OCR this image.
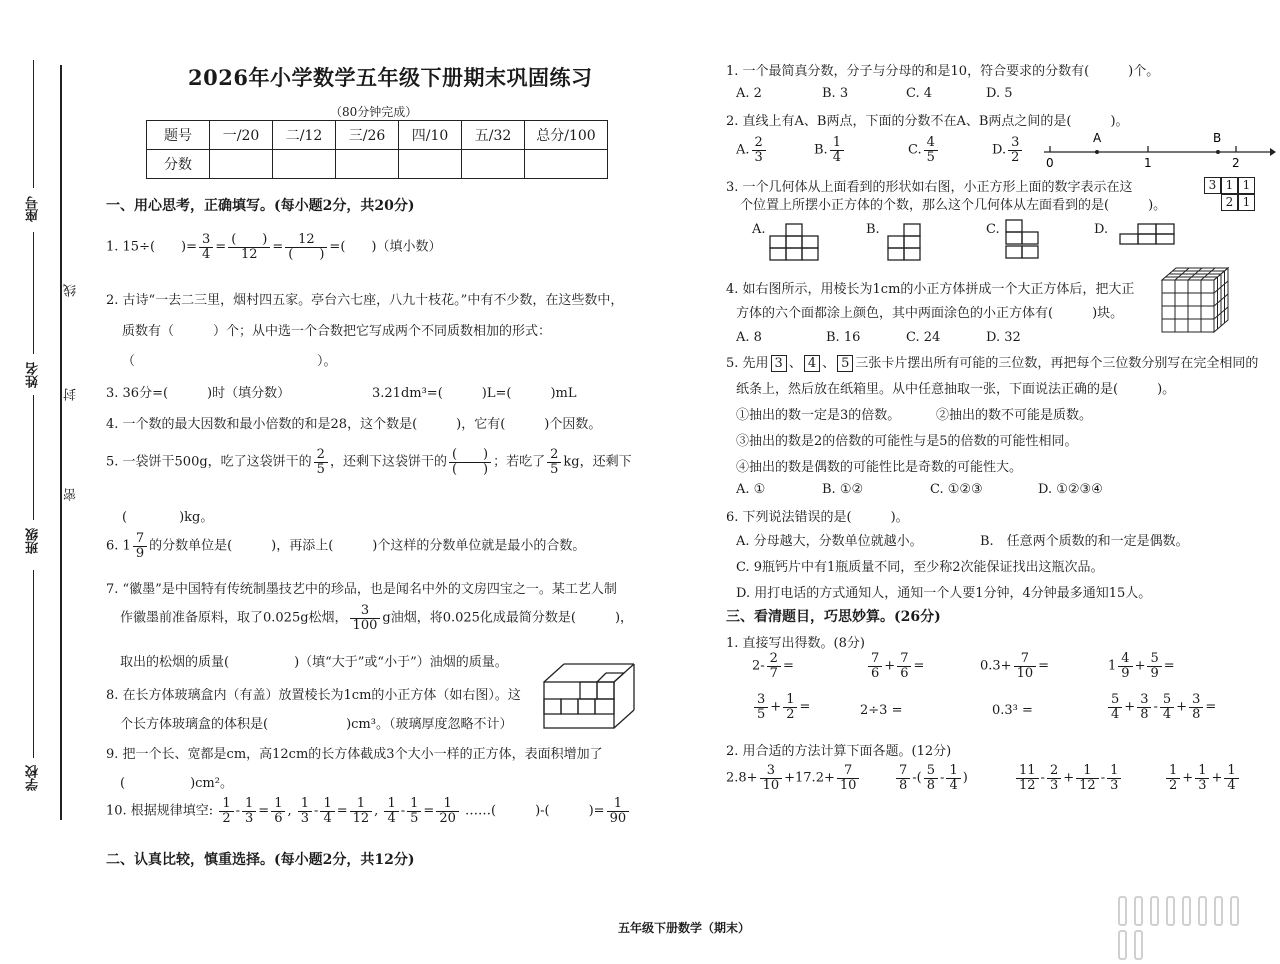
座号
姓名
班级
学校
线
封
密
2026年小学数学五年级下册期末巩固练习
（80分钟完成）
题号	一/20	二/12	三/26	四/10	五/32	总分/100
分数						
一、用心思考，正确填写。(每小题2分，共20分)
1. 15÷(　　)= $\frac{3}{4}$ =
(　　)
12	=
12
(　　) =(　　)（填小数）
2. 古诗“一去二三里，烟村四五家。亭台六七座，八九十枝花。”中有不少数，在这些数中，
质数有（　　　）个；从中选一个合数把它写成两个不同质数相加的形式：
（　　　　　　　　　　　　　　）。
3. 36分=(　　　)时（填分数）	3.21dm³=(　　　)L=(　　　)mL
4. 一个数的最大因数和最小倍数的和是28，这个数是(　　　)，它有(　　　)个因数。
5. 一袋饼干500g，吃了这袋饼干的 $\frac{2}{5}$ ，还剩下这袋饼干的
(　　)
(　　) ；若吃了 $\frac{2}{5}$ kg，还剩下
(　　　　)kg。
6. $1 \frac{7}{9}$ 的分数单位是(　　　)，再添上(　　　)个这样的分数单位就是最小的合数。
7. “徽墨”是中国特有传统制墨技艺中的珍品，也是闻名中外的文房四宝之一。某工艺人制
作徽墨前准备原料，取了0.025g松烟， $\frac{3}{100}$ g油烟，将0.025化成最简分数是(　　　)，
取出的松烟的质量(　　　　　)（填“大于”或“小于”）油烟的质量。
8. 在长方体玻璃盒内（有盖）放置棱长为1cm的小正方体（如右图）。这
个长方体玻璃盒的体积是(　　　　　　)cm³。（玻璃厚度忽略不计）
9. 把一个长、宽都是cm，高12cm的长方体截成3个大小一样的正方体，表面积增加了
(　　　　　)cm²。
10. 根据规律填空: $\frac{1}{2} - \frac{1}{3} = \frac{1}{6}$ , $\frac{1}{3} - \frac{1}{4} = \frac{1}{12}$ , $\frac{1}{4} - \frac{1}{5} = \frac{1}{20}$ ……(　　　)-(　　　)= $\frac{1}{90}$
二、认真比较，慎重选择。(每小题2分，共12分)
1. 一个最简真分数，分子与分母的和是10，符合要求的分数有(　　　)个。
A. 2	B. 3	C. 4	D. 5
2. 直线上有A、B两点，下面的分数不在A、B两点之间的是(　　　)。
A. $\frac{2}{3}$	B. $\frac{1}{4}$	C. $\frac{4}{5}$	D. $\frac{3}{2} 0$	1	2
A	B
3. 一个几何体从上面看到的形状如右图，小正方形上面的数字表示在这
个位置上所摆小正方体的个数，那么这个几何体从左面看到的是(　　　)。
3 1 1
2 1
A.	B.	C.	D.
4. 如右图所示，用棱长为1cm的小正方体拼成一个大正方体后，把大正
方体的六个面都涂上颜色，其中两面涂色的小正方体有(　　　)块。
A. 8	B. 16	C. 24	D. 32
5. 先用 3 、 4 、 5 三张卡片摆出所有可能的三位数，再把每个三位数分别写在完全相同的
纸条上，然后放在纸箱里。从中任意抽取一张，下面说法正确的是(　　　)。
①抽出的数一定是3的倍数。	②抽出的数不可能是质数。
③抽出的数是2的倍数的可能性与是5的倍数的可能性相同。
④抽出的数是偶数的可能性比是奇数的可能性大。
A. ①	B. ①②	C. ①②③	D. ①②③④
6. 下列说法错误的是(　　　)。
A. 分母越大，分数单位就越小。	B.　任意两个质数的和一定是偶数。
C. 9瓶钙片中有1瓶质量不同，至少称2次能保证找出这瓶次品。
D. 用打电话的方式通知人，通知一个人要1分钟，4分钟最多通知15人。
三、看清题目，巧思妙算。(26分)
1. 直接写出得数。(8分)
$2- \frac{2}{7}$ =	$\frac{7}{6} + \frac{7}{6}$ =	$0.3+ \frac{7}{10}$ =	$1 \frac{4}{9} + \frac{5}{9}$ =
$\frac{3}{5} + \frac{1}{2}$ =	2÷3 =	0.3³ =	$\frac{5}{4} + \frac{3}{8} - \frac{5}{4} + \frac{3}{8}$ =
2. 用合适的方法计算下面各题。(12分)
$2.8+ \frac{3}{10} +17.2+ \frac{7}{10}$	$\frac{7}{8}$ -( $\frac{5}{8} - \frac{1}{4}$ )	$\frac{11}{12} - \frac{2}{3} + \frac{1}{12} - \frac{1}{3}$	$\frac{1}{2} + \frac{1}{3} + \frac{1}{4}$
五年级下册数学（期末）
